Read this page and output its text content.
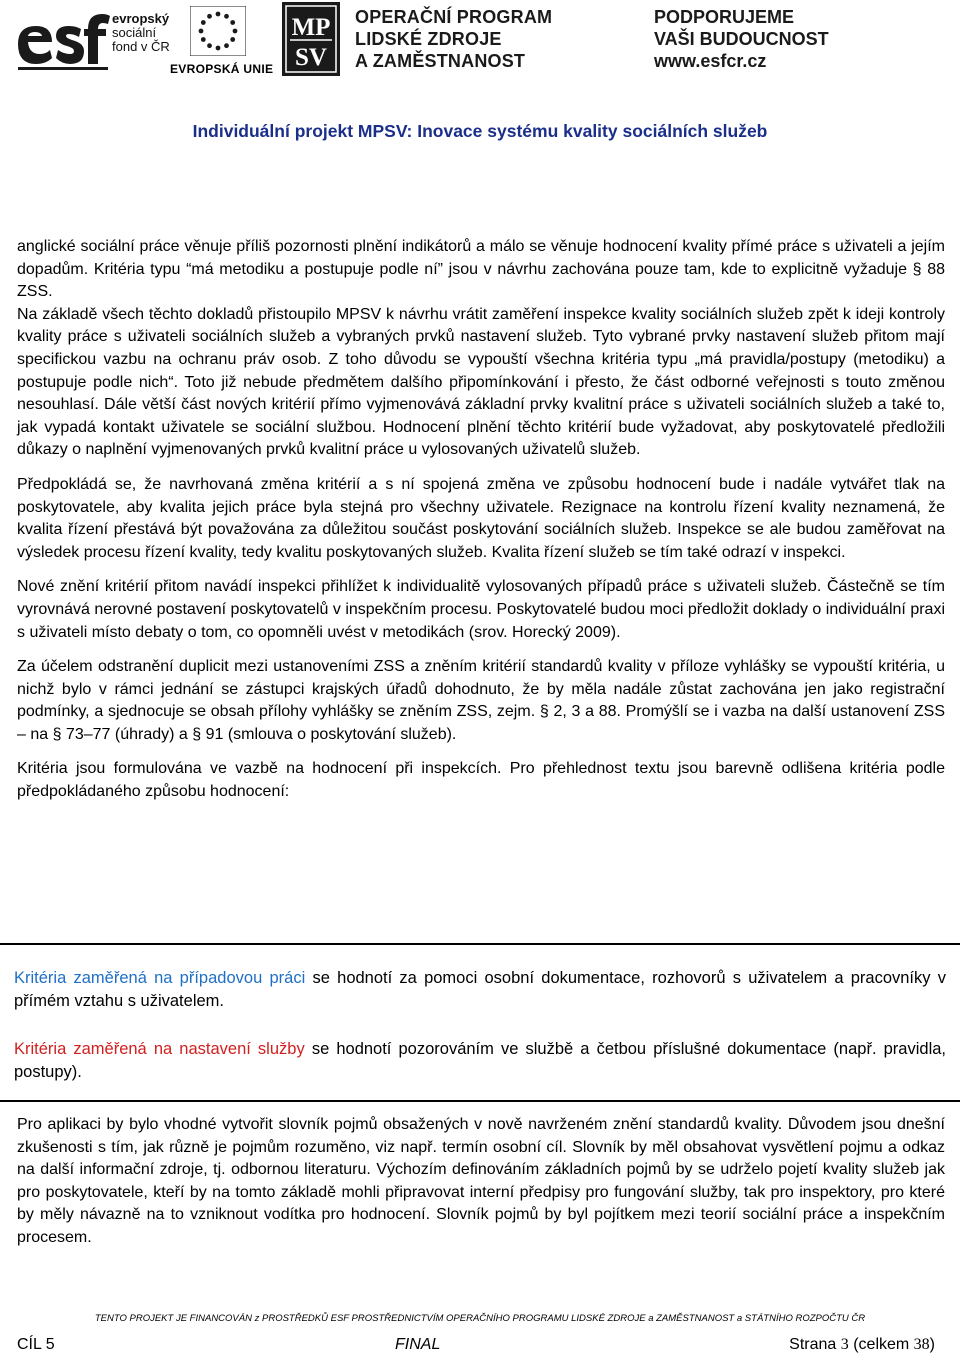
evropský
sociální
fond v ČR
EVROPSKÁ UNIE
MP
SV
OPERAČNÍ PROGRAM
LIDSKÉ ZDROJE
A ZAMĚSTNANOST
PODPORUJEME
VAŠI BUDOUCNOST
www.esfcr.cz
Individuální projekt MPSV: Inovace systému kvality sociálních služeb

anglické sociální práce věnuje příliš pozornosti plnění indikátorů a málo se věnuje hodnocení kvality přímé práce s uživateli a jejím dopadům. Kritéria typu “má metodiku a postupuje podle ní” jsou v návrhu zachována pouze tam, kde to explicitně vyžaduje § 88 ZSS.

Na základě všech těchto dokladů přistoupilo MPSV k návrhu vrátit zaměření inspekce kvality sociálních služeb zpět k ideji kontroly kvality práce s uživateli sociálních služeb a vybraných prvků nastavení služeb. Tyto vybrané prvky nastavení služeb přitom mají specifickou vazbu na ochranu práv osob. Z toho důvodu se vypouští všechna kritéria typu „má pravidla/postupy (metodiku) a postupuje podle nich“. Toto již nebude předmětem dalšího připomínkování i přesto, že část odborné veřejnosti s touto změnou nesouhlasí. Dále větší část nových kritérií přímo vyjmenovává základní prvky kvalitní práce s uživateli sociálních služeb a také to, jak vypadá kontakt uživatele se sociální službou. Hodnocení plnění těchto kritérií bude vyžadovat, aby poskytovatelé předložili důkazy o naplnění vyjmenovaných prvků kvalitní práce u vylosovaných uživatelů služeb.

Předpokládá se, že navrhovaná změna kritérií a s ní spojená změna ve způsobu hodnocení bude i nadále vytvářet tlak na poskytovatele, aby kvalita jejich práce byla stejná pro všechny uživatele. Rezignace na kontrolu řízení kvality neznamená, že kvalita řízení přestává být považována za důležitou součást poskytování sociálních služeb. Inspekce se ale budou zaměřovat na výsledek procesu řízení kvality, tedy kvalitu poskytovaných služeb. Kvalita řízení služeb se tím také odrazí v inspekci.

Nové znění kritérií přitom navádí inspekci přihlížet k individualitě vylosovaných případů práce s uživateli služeb. Částečně se tím vyrovnává nerovné postavení poskytovatelů v inspekčním procesu. Poskytovatelé budou moci předložit doklady o individuální praxi s uživateli místo debaty o tom, co opomněli uvést v metodikách (srov. Horecký 2009).

Za účelem odstranění duplicit mezi ustanoveními ZSS a zněním kritérií standardů kvality v příloze vyhlášky se vypouští kritéria, u nichž bylo v rámci jednání se zástupci krajských úřadů dohodnuto, že by měla nadále zůstat zachována jen jako registrační podmínky, a sjednocuje se obsah přílohy vyhlášky se zněním ZSS, zejm. § 2, 3 a 88. Promýšlí se i vazba na další ustanovení ZSS – na § 73–77 (úhrady) a § 91 (smlouva o poskytování služeb).

Kritéria jsou formulována ve vazbě na hodnocení při inspekcích. Pro přehlednost textu jsou barevně odlišena kritéria podle předpokládaného způsobu hodnocení:

Kritéria zaměřená na případovou práci se hodnotí za pomoci osobní dokumentace, rozhovorů s uživatelem a pracovníky v přímém vztahu s uživatelem.

Kritéria zaměřená na nastavení služby se hodnotí pozorováním ve službě a četbou příslušné dokumentace (např. pravidla, postupy).

Pro aplikaci by bylo vhodné vytvořit slovník pojmů obsažených v nově navrženém znění standardů kvality. Důvodem jsou dnešní zkušenosti s tím, jak různě je pojmům rozuměno, viz např. termín osobní cíl. Slovník by měl obsahovat vysvětlení pojmu a odkaz na další informační zdroje, tj. odbornou literaturu. Výchozím definováním základních pojmů by se udrželo pojetí kvality služeb jak pro poskytovatele, kteří by na tomto základě mohli připravovat interní předpisy pro fungování služby, tak pro inspektory, pro které by měly návazně na to vzniknout vodítka pro hodnocení. Slovník pojmů by byl pojítkem mezi teorií sociální práce a inspekčním procesem.

TENTO PROJEKT JE FINANCOVÁN z PROSTŘEDKŮ ESF PROSTŘEDNICTVÍM OPERAČNÍHO PROGRAMU LIDSKÉ ZDROJE a ZAMĚSTNANOST a STÁTNÍHO ROZPOČTU ČR
CÍL 5	FINAL	Strana 3 (celkem 38)
